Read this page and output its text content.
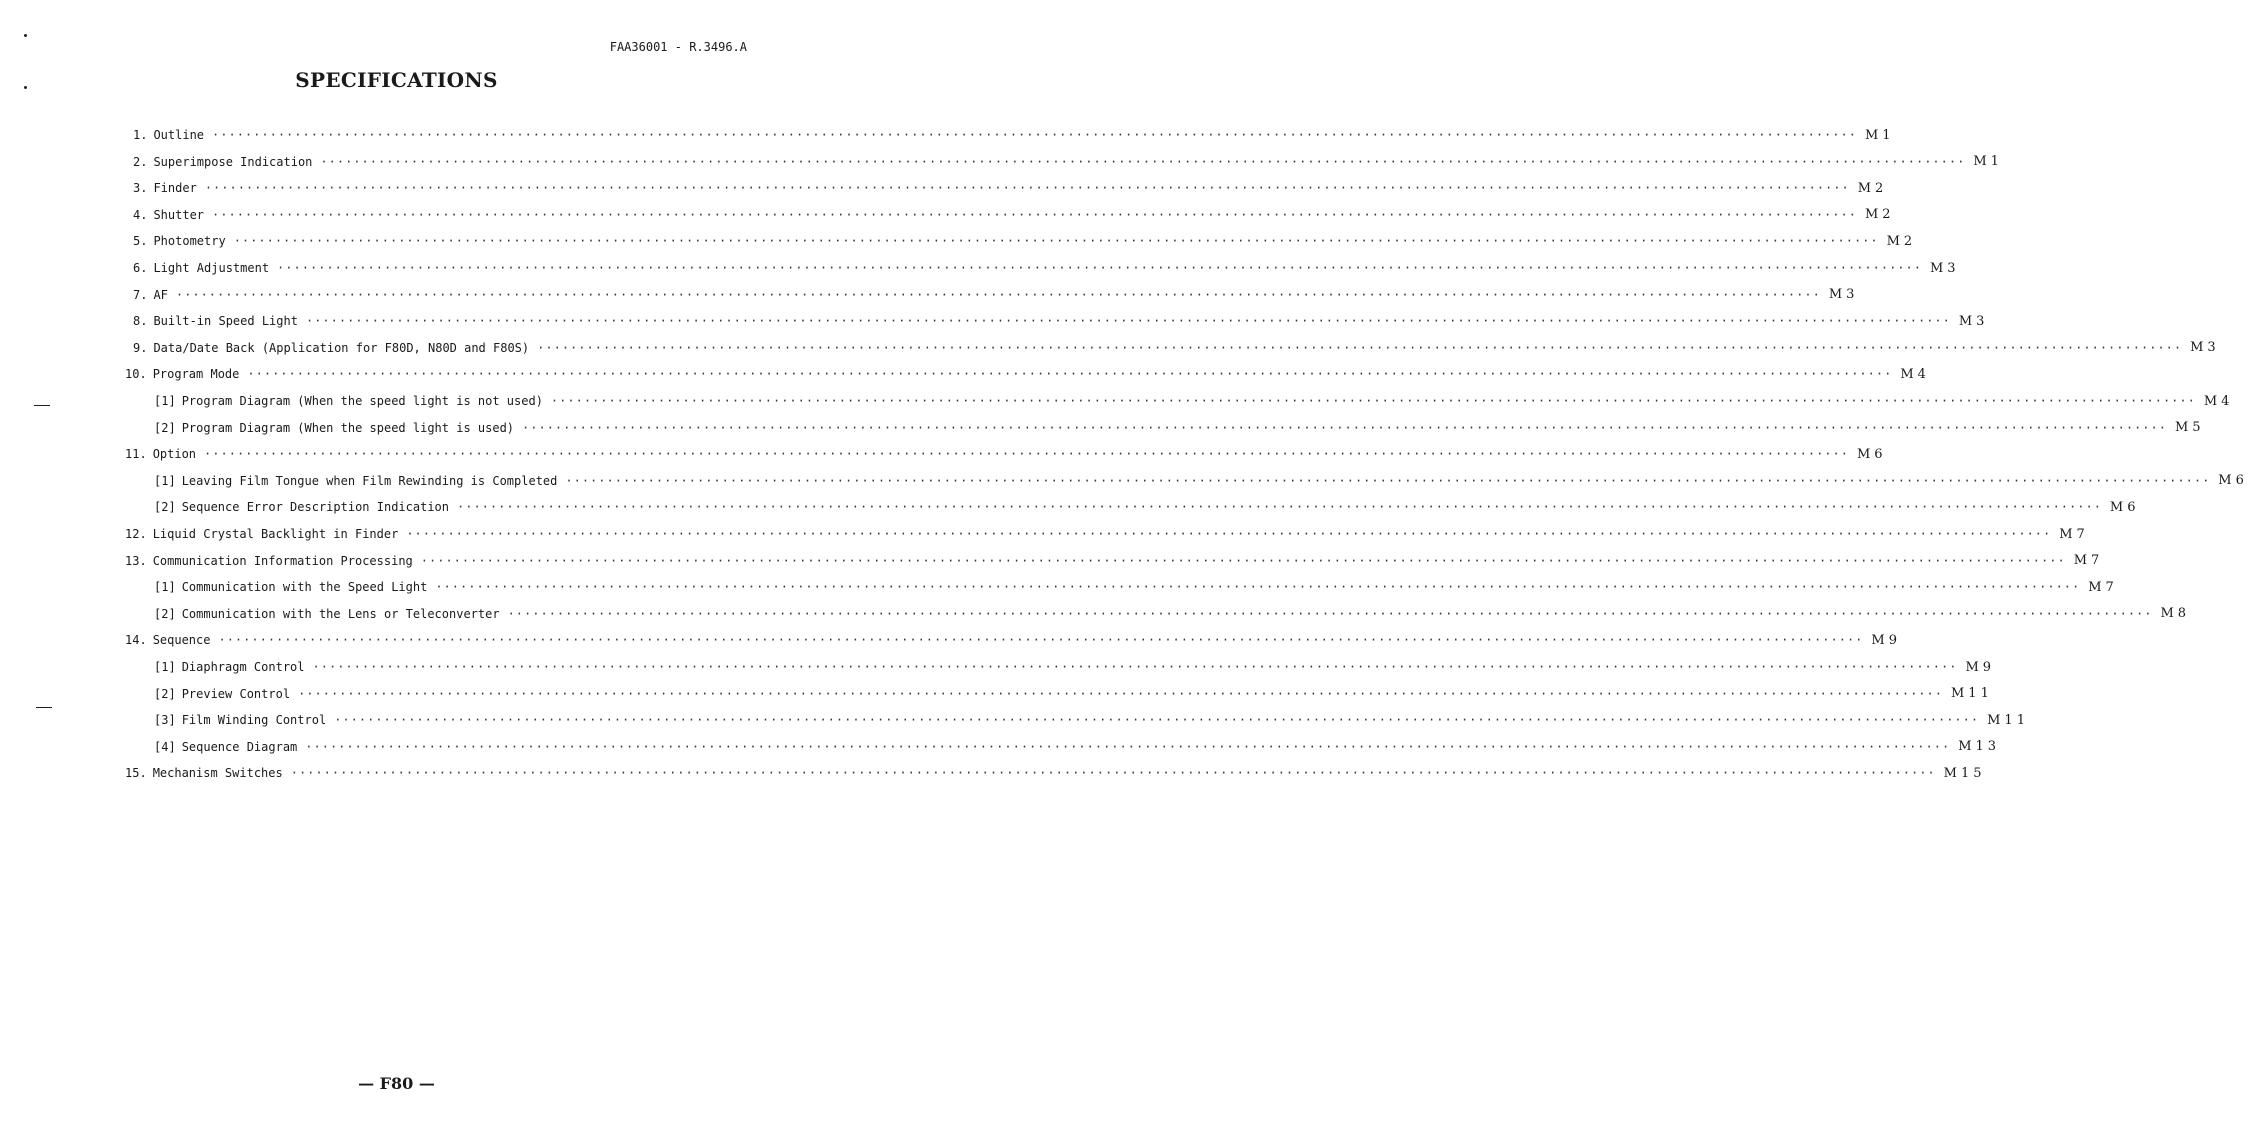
FAA36001 - R.3496.A
SPECIFICATIONS
1. Outline ········································································································································································································ M1
2. Superimpose Indication ········································································································································································································ M1
3. Finder ········································································································································································································ M2
4. Shutter ········································································································································································································ M2
5. Photometry ········································································································································································································ M2
6. Light Adjustment ········································································································································································································ M3
7. AF ········································································································································································································ M3
8. Built-in Speed Light ········································································································································································································ M3
9. Data/Date Back (Application for F80D, N80D and F80S) ········································································································································································································ M3
10. Program Mode ········································································································································································································ M4
[1] Program Diagram (When the speed light is not used) ········································································································································································································ M4
[2] Program Diagram (When the speed light is used) ········································································································································································································ M5
11. Option ········································································································································································································ M6
[1] Leaving Film Tongue when Film Rewinding is Completed ········································································································································································································ M6
[2] Sequence Error Description Indication ········································································································································································································ M6
12. Liquid Crystal Backlight in Finder ········································································································································································································ M7
13. Communication Information Processing ········································································································································································································ M7
[1] Communication with the Speed Light ········································································································································································································ M7
[2] Communication with the Lens or Teleconverter ········································································································································································································ M8
14. Sequence ········································································································································································································ M9
[1] Diaphragm Control ········································································································································································································ M9
[2] Preview Control ········································································································································································································ M11
[3] Film Winding Control ········································································································································································································ M11
[4] Sequence Diagram ········································································································································································································ M13
15. Mechanism Switches ········································································································································································································ M15
— F80 —
